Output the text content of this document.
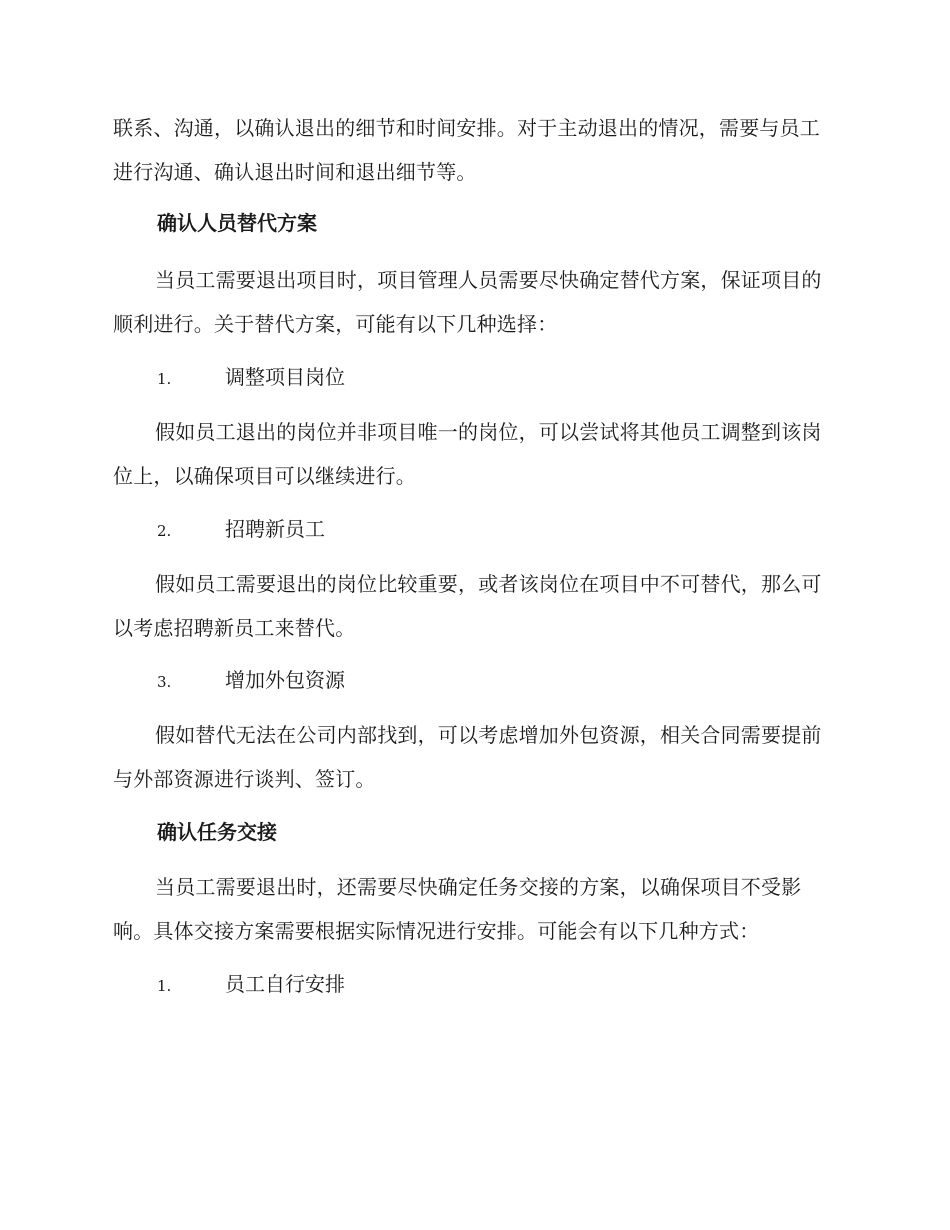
联系、沟通，以确认退出的细节和时间安排。对于主动退出的情况，需要与员工进行沟通、确认退出时间和退出细节等。

确认人员替代方案

当员工需要退出项目时，项目管理人员需要尽快确定替代方案，保证项目的顺利进行。关于替代方案，可能有以下几种选择：

1.	调整项目岗位

假如员工退出的岗位并非项目唯一的岗位，可以尝试将其他员工调整到该岗位上，以确保项目可以继续进行。

2.	招聘新员工

假如员工需要退出的岗位比较重要，或者该岗位在项目中不可替代，那么可以考虑招聘新员工来替代。

3.	增加外包资源

假如替代无法在公司内部找到，可以考虑增加外包资源，相关合同需要提前与外部资源进行谈判、签订。

确认任务交接

当员工需要退出时，还需要尽快确定任务交接的方案，以确保项目不受影响。具体交接方案需要根据实际情况进行安排。可能会有以下几种方式：

1.	员工自行安排
